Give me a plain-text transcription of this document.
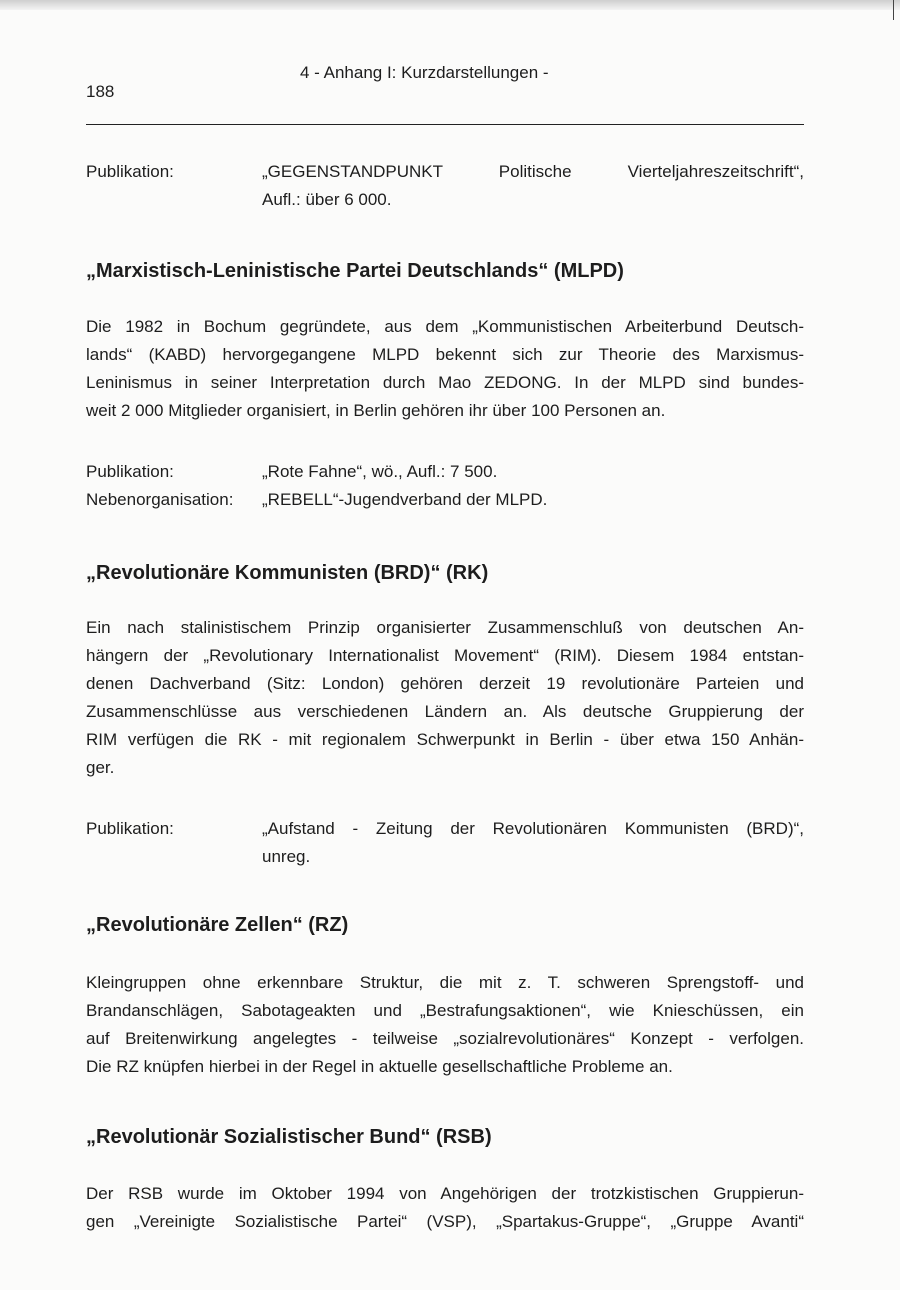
188
4 - Anhang I: Kurzdarstellungen -
Publikation:	„GEGENSTANDPUNKT Politische Vierteljahreszeitschrift“,
Aufl.: über 6 000.
„Marxistisch-Leninistische Partei Deutschlands“ (MLPD)
Die 1982 in Bochum gegründete, aus dem „Kommunistischen Arbeiterbund Deutsch-
lands“ (KABD) hervorgegangene MLPD bekennt sich zur Theorie des Marxismus-
Leninismus in seiner Interpretation durch Mao ZEDONG. In der MLPD sind bundes-
weit 2 000 Mitglieder organisiert, in Berlin gehören ihr über 100 Personen an.
Publikation:	„Rote Fahne“, wö., Aufl.: 7 500.
Nebenorganisation: „REBELL“-Jugendverband der MLPD.
„Revolutionäre Kommunisten (BRD)“ (RK)
Ein nach stalinistischem Prinzip organisierter Zusammenschluß von deutschen An-
hängern der „Revolutionary Internationalist Movement“ (RIM). Diesem 1984 entstan-
denen Dachverband (Sitz: London) gehören derzeit 19 revolutionäre Parteien und
Zusammenschlüsse aus verschiedenen Ländern an. Als deutsche Gruppierung der
RIM verfügen die RK - mit regionalem Schwerpunkt in Berlin - über etwa 150 Anhän-
ger.
Publikation:	„Aufstand - Zeitung der Revolutionären Kommunisten (BRD)“,
unreg.
„Revolutionäre Zellen“ (RZ)
Kleingruppen ohne erkennbare Struktur, die mit z. T. schweren Sprengstoff- und
Brandanschlägen, Sabotageakten und „Bestrafungsaktionen“, wie Knieschüssen, ein
auf Breitenwirkung angelegtes - teilweise „sozialrevolutionäres“ Konzept - verfolgen.
Die RZ knüpfen hierbei in der Regel in aktuelle gesellschaftliche Probleme an.
„Revolutionär Sozialistischer Bund“ (RSB)
Der RSB wurde im Oktober 1994 von Angehörigen der trotzkistischen Gruppierun-
gen „Vereinigte Sozialistische Partei“ (VSP), „Spartakus-Gruppe“, „Gruppe Avanti“
